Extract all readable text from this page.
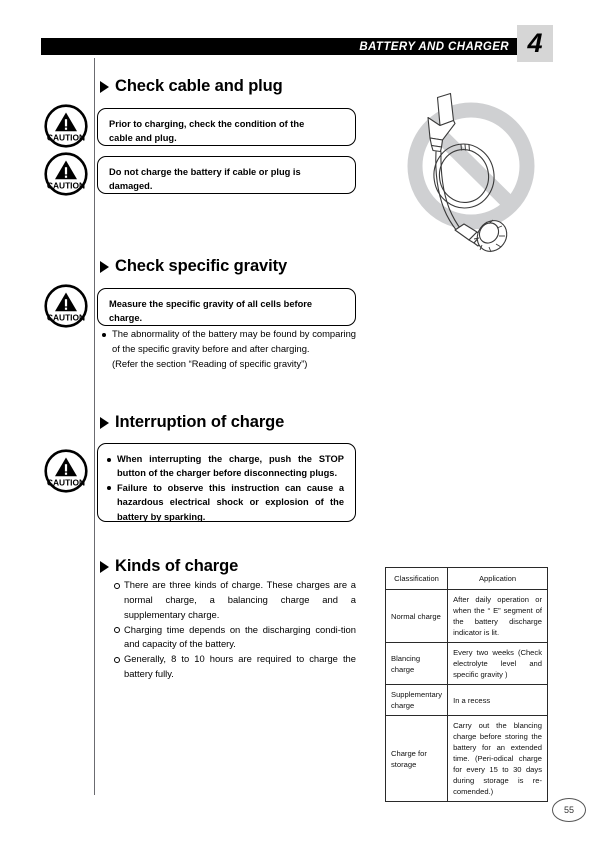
BATTERY AND CHARGER 4
Check cable and plug
CAUTION

Prior to charging, check the condition of the

cable and plug.

CAUTION

Do not charge the battery if cable or plug is

damaged.

Check specific gravity
CAUTION

Measure the specific gravity of all cells before

charge.

The abnormality of the battery may be found by comparing of the specific gravity before and after charging.
(Refer the section “Reading of specific gravity”)
Interruption of charge
CAUTION
When interrupting the charge, push the STOP button of the charger before disconnecting plugs.
Failure to observe this instruction can cause a hazardous electrical shock or explosion of the battery by sparking.
Kinds of charge
There are three kinds of charge. These charges are a normal charge, a balancing charge and a supplementary charge.
Charging time depends on the discharging condi-tion and capacity of the battery.
Generally, 8 to 10 hours are required to charge the battery fully.
Classification	Application
Normal charge	After daily operation or when the “ E” segment of the battery discharge indicator is lit.
Blancing charge	Every two weeks (Check electrolyte level and specific gravity )
Supplementary charge	In a recess
Charge for storage	Carry out the blancing charge before storing the battery for an extended time. (Peri-odical charge for every 15 to 30 days during storage is re-comended.)
55
